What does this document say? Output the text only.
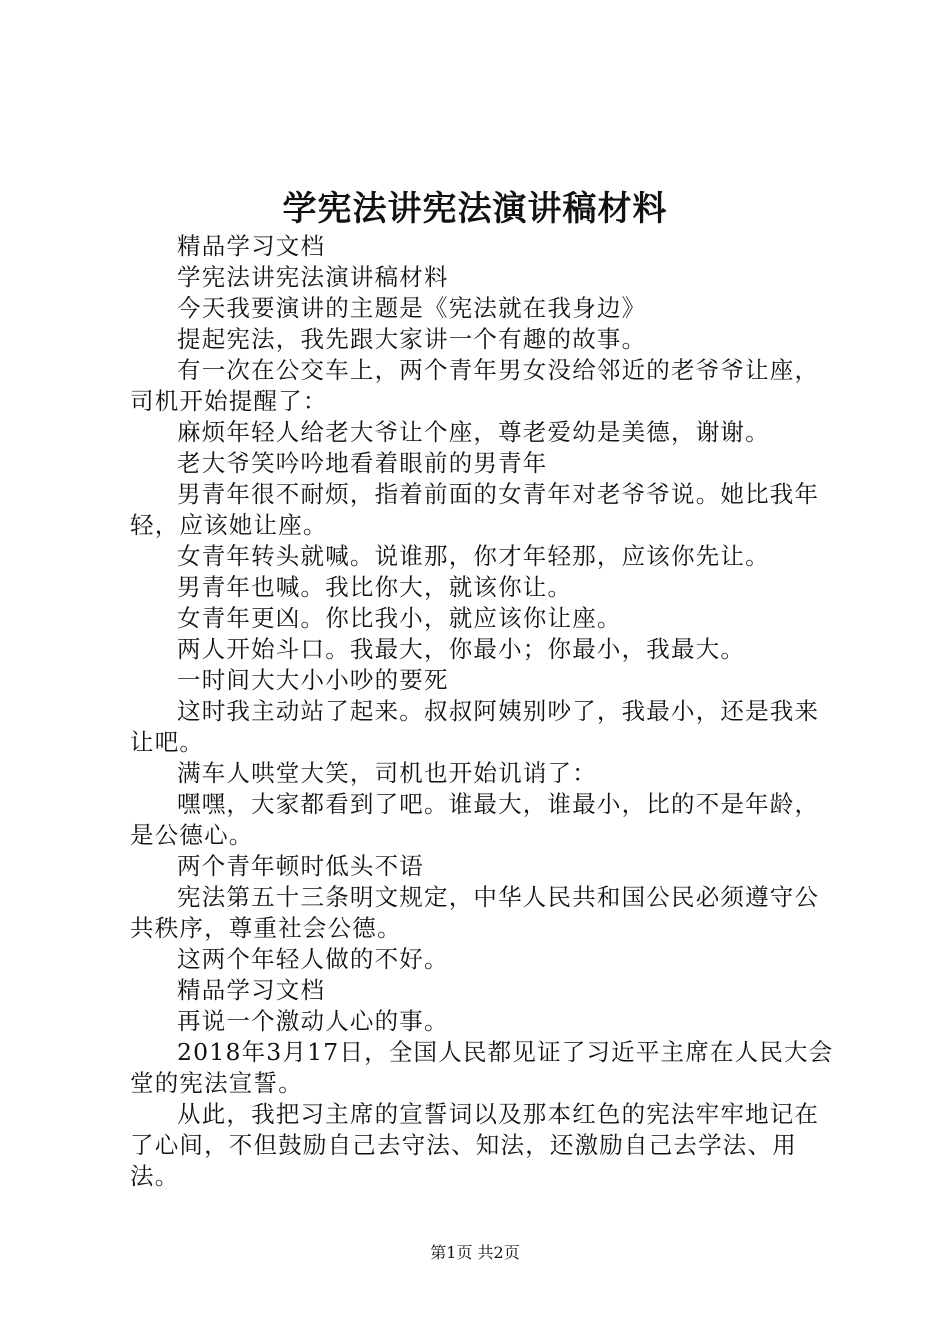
学宪法讲宪法演讲稿材料

精品学习文档

学宪法讲宪法演讲稿材料

今天我要演讲的主题是《宪法就在我身边》

提起宪法，我先跟大家讲一个有趣的故事。

有一次在公交车上，两个青年男女没给邻近的老爷爷让座，司机开始提醒了：

麻烦年轻人给老大爷让个座，尊老爱幼是美德，谢谢。

老大爷笑吟吟地看着眼前的男青年

男青年很不耐烦，指着前面的女青年对老爷爷说。她比我年轻，应该她让座。

女青年转头就喊。说谁那，你才年轻那，应该你先让。

男青年也喊。我比你大，就该你让。

女青年更凶。你比我小，就应该你让座。

两人开始斗口。我最大，你最小；你最小，我最大。

一时间大大小小吵的要死

这时我主动站了起来。叔叔阿姨别吵了，我最小，还是我来让吧。

满车人哄堂大笑，司机也开始讥诮了：

嘿嘿，大家都看到了吧。谁最大，谁最小，比的不是年龄，是公德心。

两个青年顿时低头不语

宪法第五十三条明文规定，中华人民共和国公民必须遵守公共秩序，尊重社会公德。

这两个年轻人做的不好。

精品学习文档

再说一个激动人心的事。

2018年3月17日，全国人民都见证了习近平主席在人民大会堂的宪法宣誓。

从此，我把习主席的宣誓词以及那本红色的宪法牢牢地记在了心间，不但鼓励自己去守法、知法，还激励自己去学法、用法。

第1页 共2页
